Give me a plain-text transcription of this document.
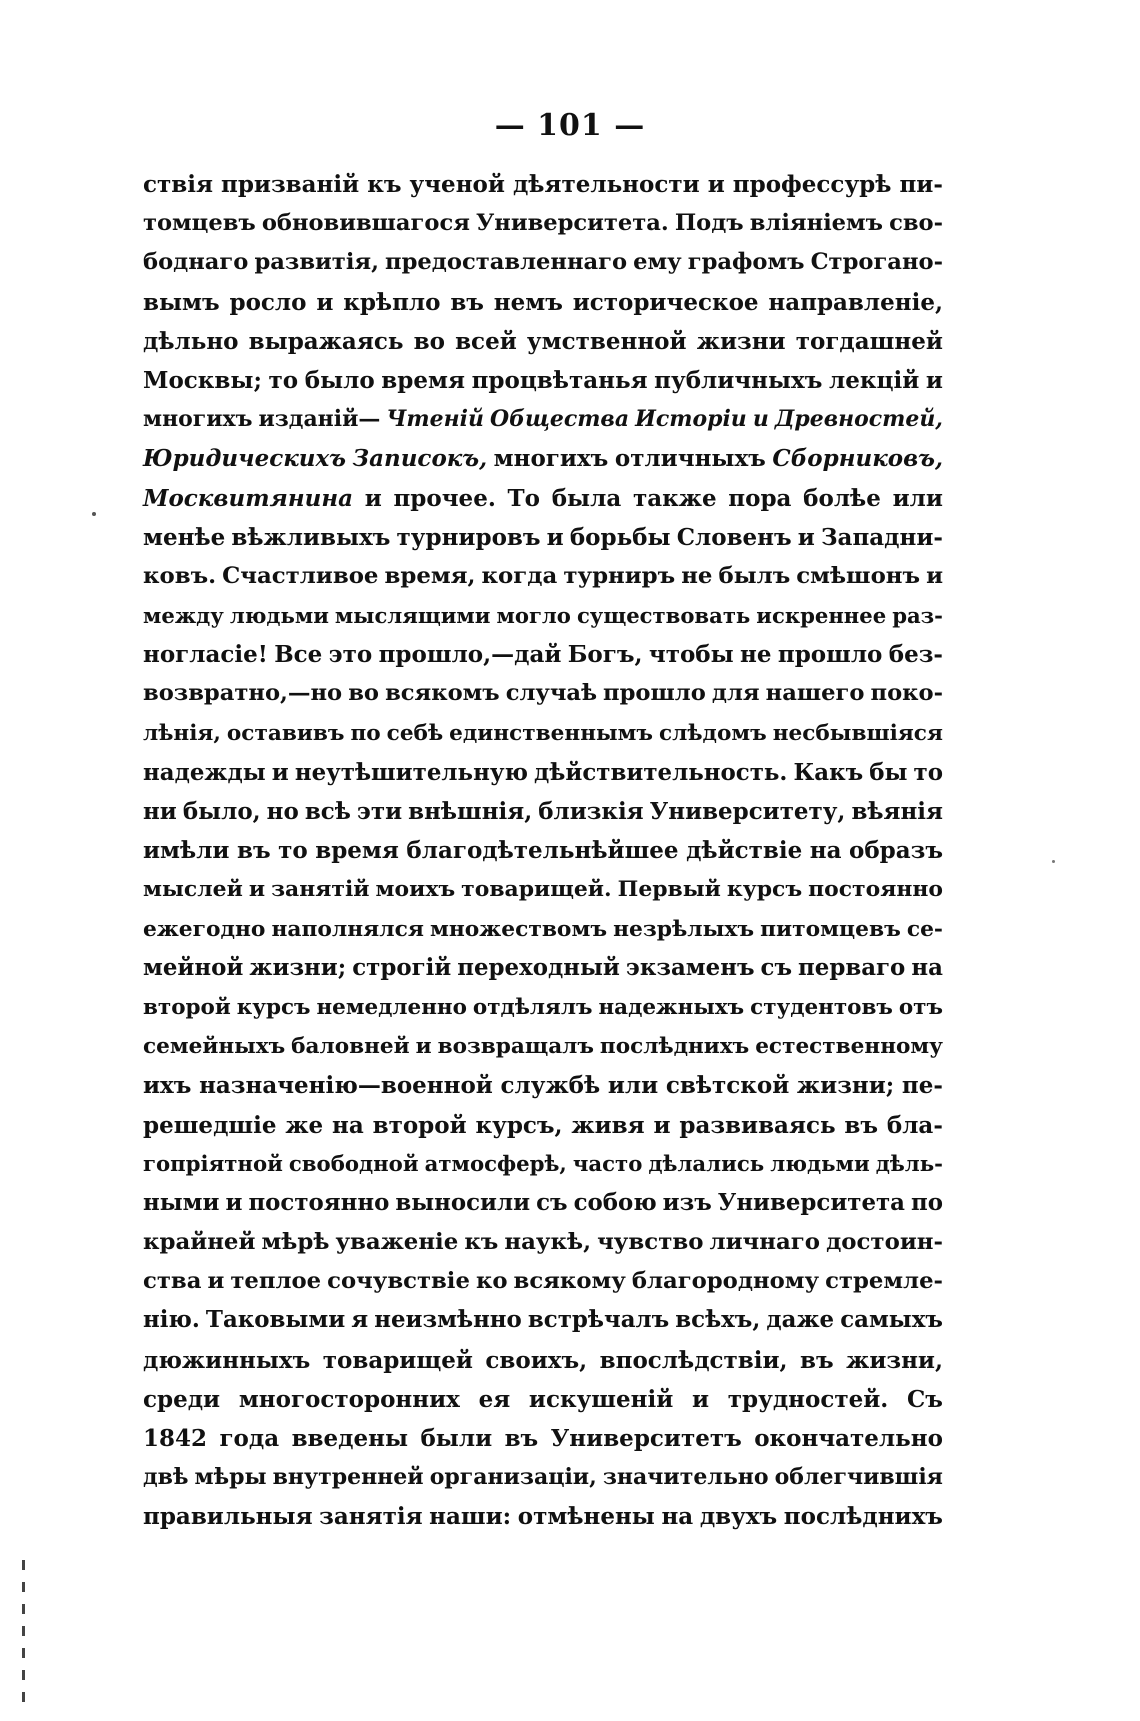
— 101 —
ствія призваній къ ученой дѣятельности и профессурѣ пи-
томцевъ обновившагося Университета. Подъ вліяніемъ сво-
боднаго развитія, предоставленнаго ему графомъ Строгано-
вымъ росло и крѣпло въ немъ историческое направленіе,
дѣльно выражаясь во всей умственной жизни тогдашней
Москвы; то было время процвѣтанья публичныхъ лекцій и
многихъ изданій— Чтеній Общества Исторіи и Древностей,
Юридическихъ Записокъ, многихъ отличныхъ Сборниковъ,
Москвитянина и прочее. То была также пора болѣе или
менѣе вѣжливыхъ турнировъ и борьбы Словенъ и Западни-
ковъ. Счастливое время, когда турниръ не былъ смѣшонъ и
между людьми мыслящими могло существовать искреннее раз-
ногласіе! Все это прошло,—дай Богъ, чтобы не прошло без-
возвратно,—но во всякомъ случаѣ прошло для нашего поко-
лѣнія, оставивъ по себѣ единственнымъ слѣдомъ несбывшіяся
надежды и неутѣшительную дѣйствительность. Какъ бы то
ни было, но всѣ эти внѣшнія, близкія Университету, вѣянія
имѣли въ то время благодѣтельнѣйшее дѣйствіе на образъ
мыслей и занятій моихъ товарищей. Первый курсъ постоянно
ежегодно наполнялся множествомъ незрѣлыхъ питомцевъ се-
мейной жизни; строгій переходный экзаменъ съ перваго на
второй курсъ немедленно отдѣлялъ надежныхъ студентовъ отъ
семейныхъ баловней и возвращалъ послѣднихъ естественному
ихъ назначенію—военной службѣ или свѣтской жизни; пе-
решедшіе же на второй курсъ, живя и развиваясь въ бла-
гопріятной свободной атмосферѣ, часто дѣлались людьми дѣль-
ными и постоянно выносили съ собою изъ Университета по
крайней мѣрѣ уваженіе къ наукѣ, чувство личнаго достоин-
ства и теплое сочувствіе ко всякому благородному стремле-
нію. Таковыми я неизмѣнно встрѣчалъ всѣхъ, даже самыхъ
дюжинныхъ товарищей своихъ, впослѣдствіи, въ жизни,
среди многосторонних ея искушеній и трудностей. Съ
1842 года введены были въ Университетъ окончательно
двѣ мѣры внутренней организаціи, значительно облегчившія
правильныя занятія наши: отмѣнены на двухъ послѣднихъ
